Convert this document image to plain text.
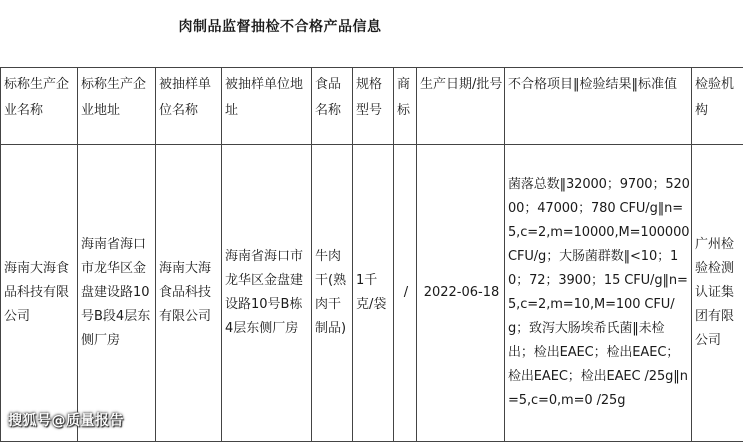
肉制品监督抽检不合格产品信息
标称生产企业名称	标称生产企业地址	被抽样单位名称	被抽样单位地址	食品名称	规格型号	商标	生产日期/批号	不合格项目‖检验结果‖标准值	检验机构
海南大海食品科技有限公司	海南省海口市龙华区金盘建设路10号B段4层东侧厂房	海南大海食品科技有限公司	海南省海口市龙华区金盘建设路10号B栋4层东侧厂房	牛肉干(熟肉干制品)	1千克/袋	/	2022-06-18	菌落总数‖32000；9700；52000；47000；780 CFU/g‖n=5,c=2,m=10000,M=100000 CFU/g；大肠菌群数‖<10；10；72；3900；15 CFU/g‖n=5,c=2,m=10,M=100 CFU/g；致泻大肠埃希氏菌‖未检出；检出EAEC；检出EAEC；检出EAEC；检出EAEC /25g‖n=5,c=0,m=0 /25g	广州检验检测认证集团有限公司
搜狐号@质量报告
